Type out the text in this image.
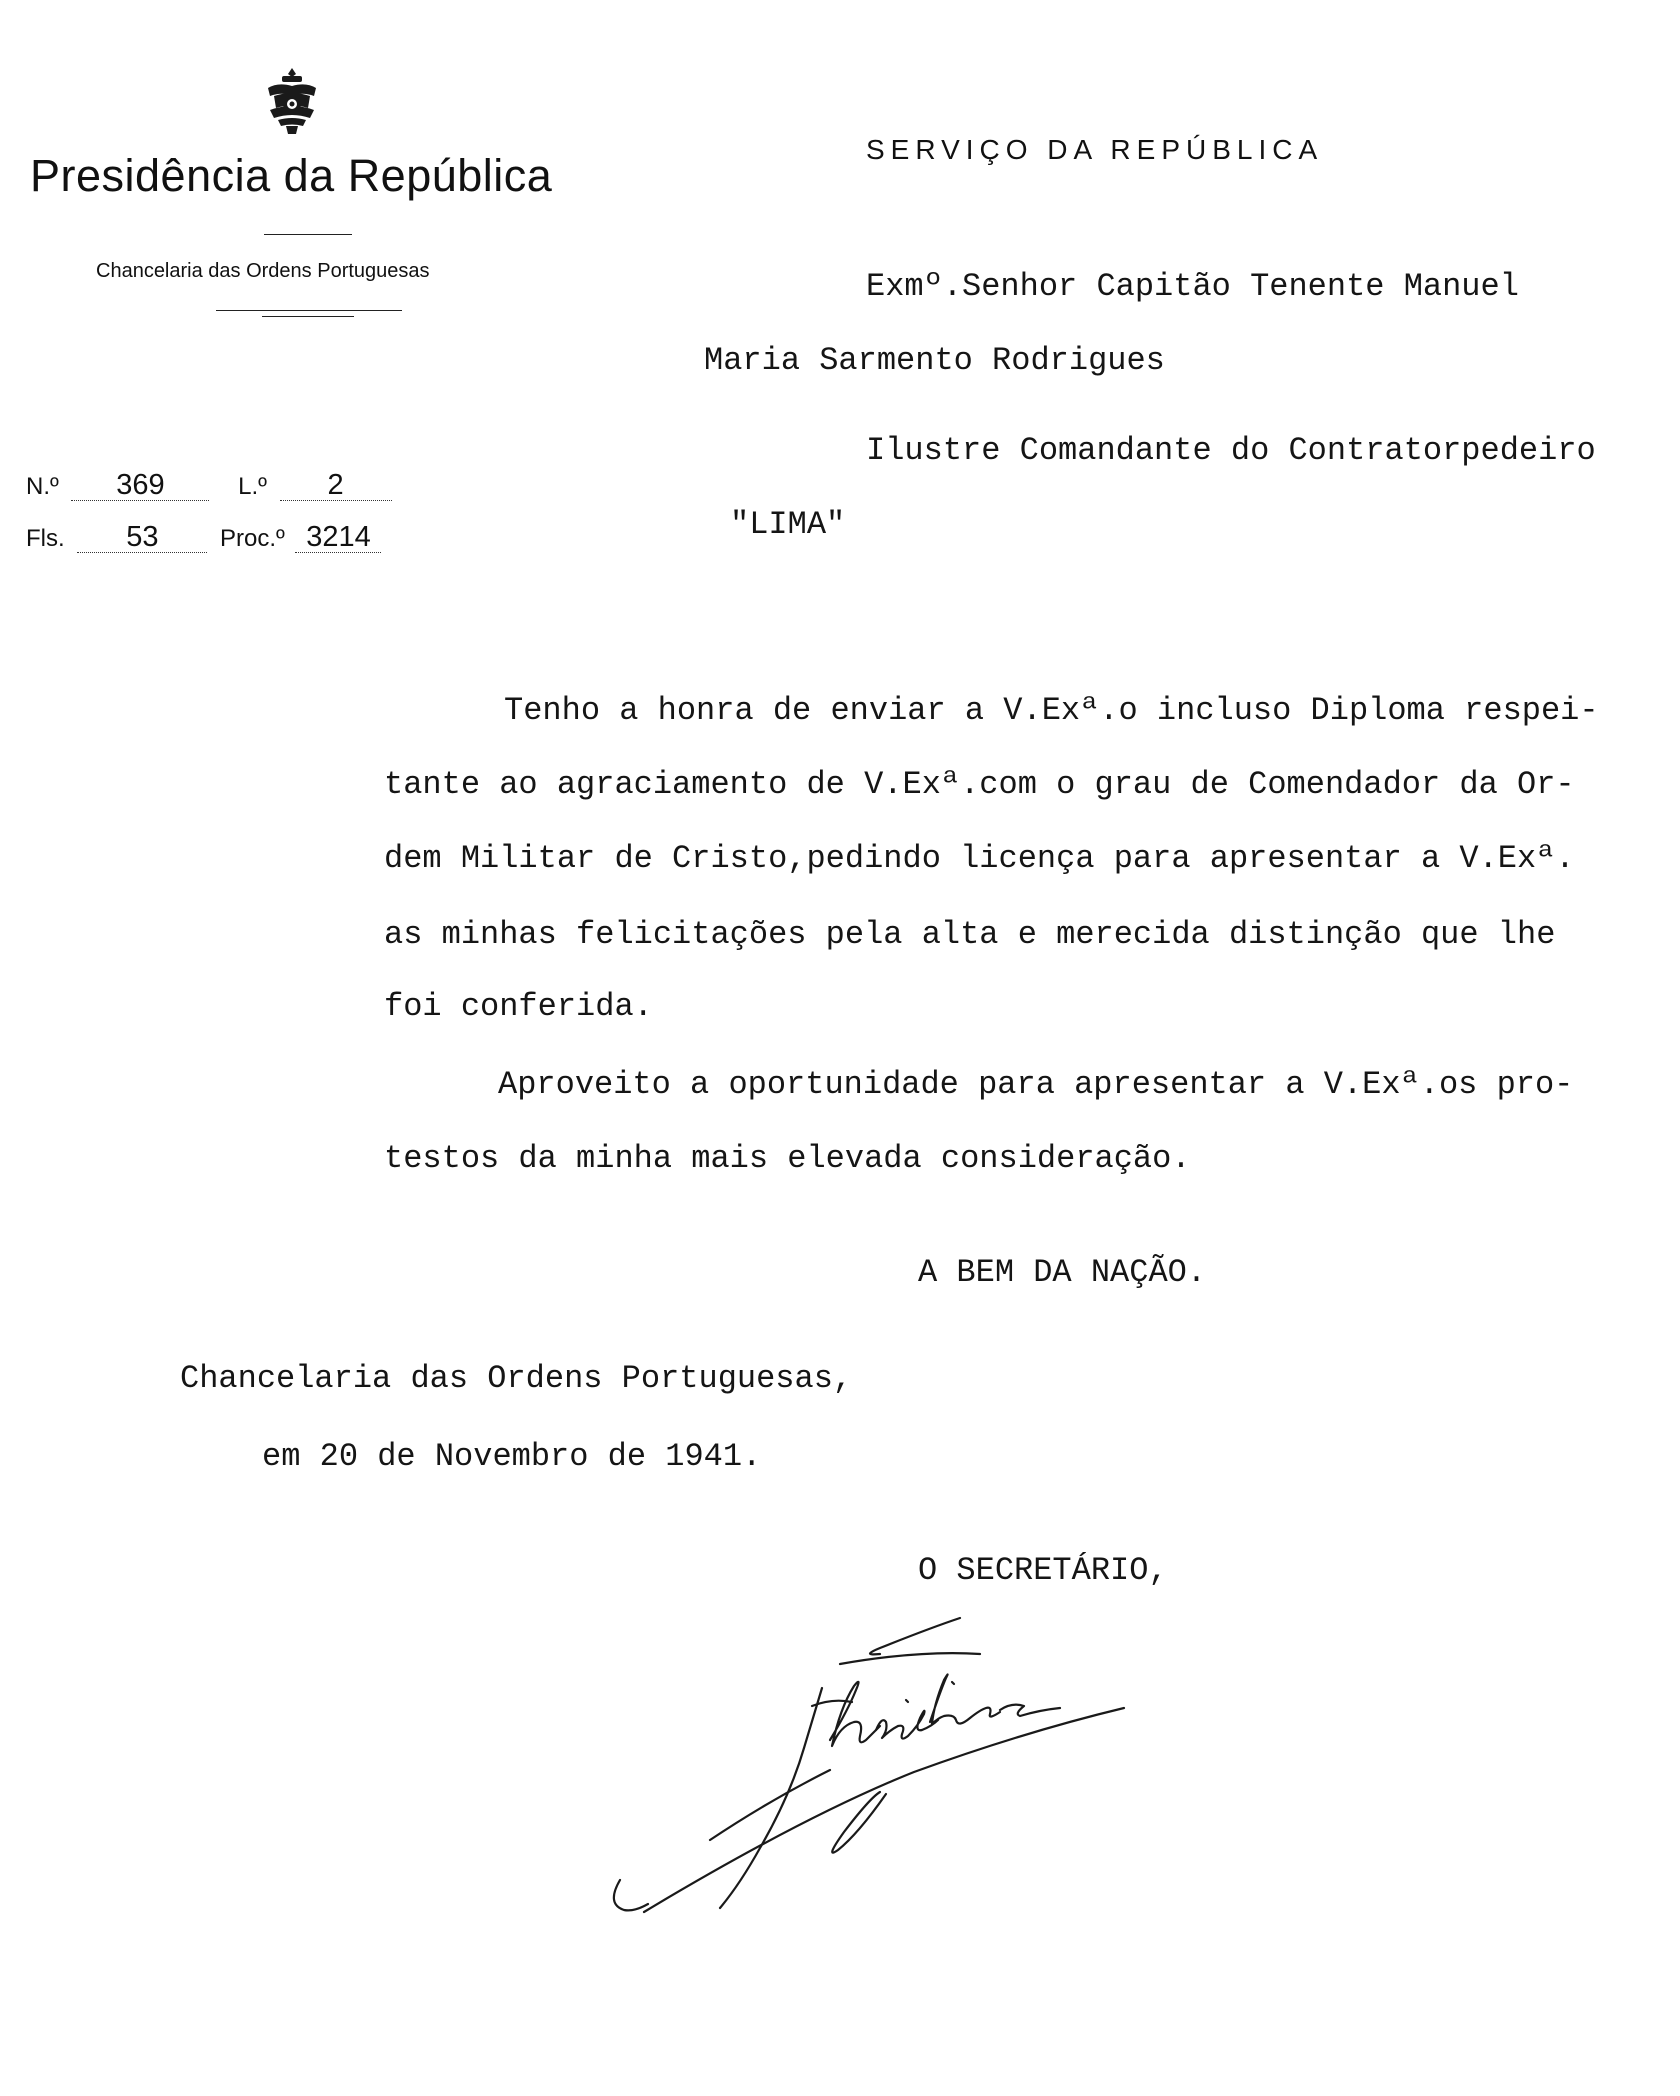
Presidência da República
Chancelaria das Ordens Portuguesas
N.º 369	L.º 2
Fls. 53	Proc.º 3214
SERVIÇO DA REPÚBLICA
Exmº.Senhor Capitão Tenente Manuel
Maria Sarmento Rodrigues
Ilustre Comandante do Contratorpedeiro
"LIMA"
Tenho a honra de enviar a V.Exª.o incluso Diploma respei-
tante ao agraciamento de V.Exª.com o grau de Comendador da Or-
dem Militar de Cristo,pedindo licença para apresentar a V.Exª.
as minhas felicitações pela alta e merecida distinção que lhe
foi conferida.
Aproveito a oportunidade para apresentar a V.Exª.os pro-
testos da minha mais elevada consideração.
A BEM DA NAÇÃO.
Chancelaria das Ordens Portuguesas,
em 20 de Novembro de 1941.
O SECRETÁRIO,
